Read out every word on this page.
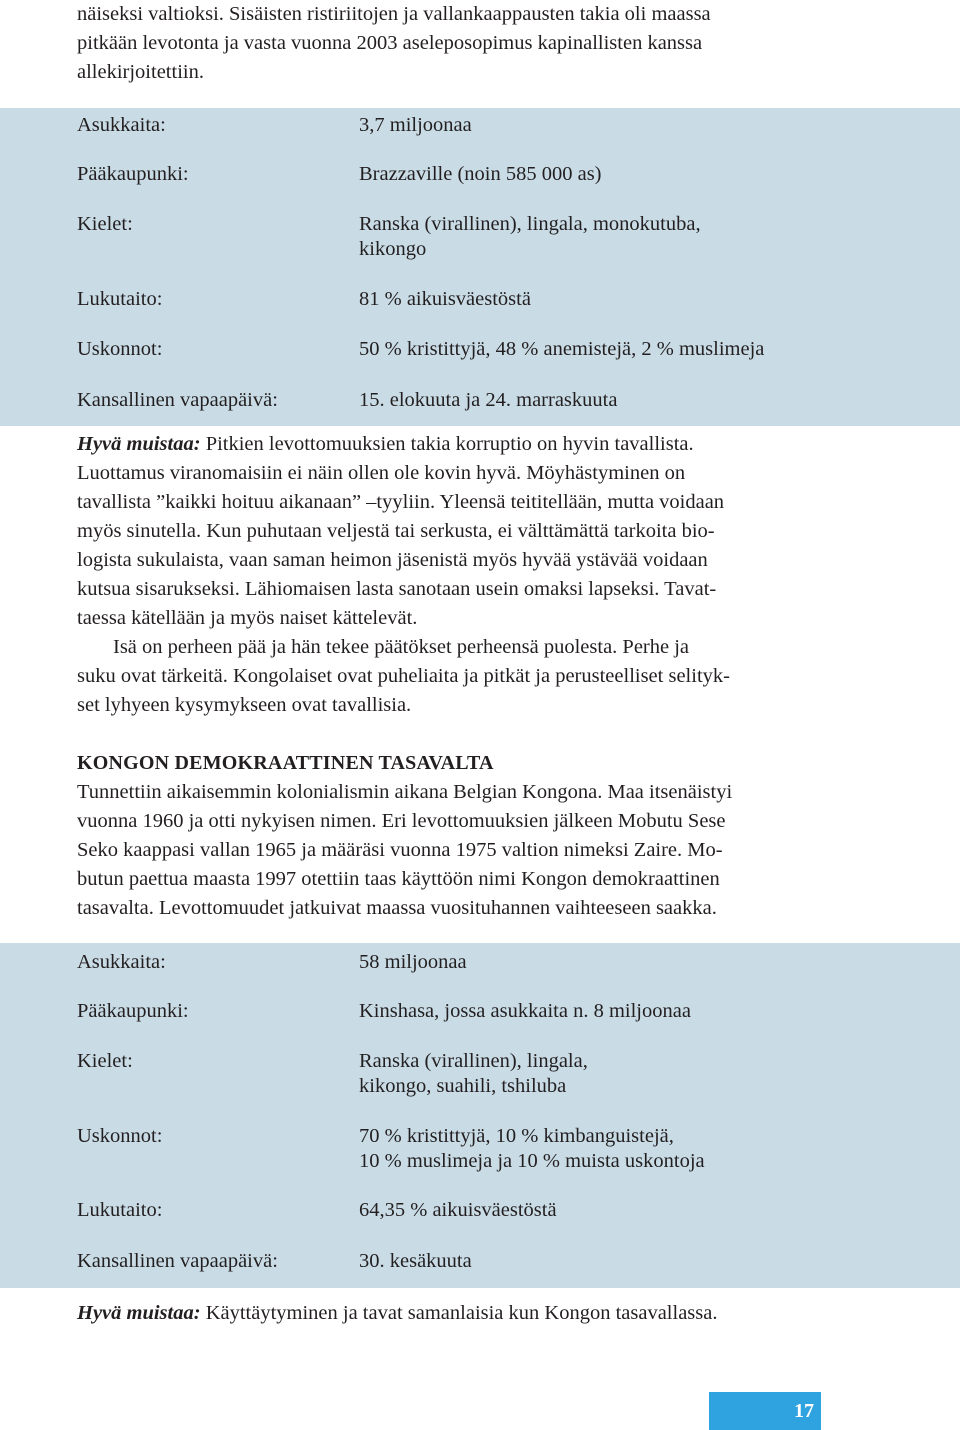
näiseksi valtioksi. Sisäisten ristiriitojen ja vallankaappausten takia oli maassa
pitkään levotonta ja vasta vuonna 2003 aseleposopimus kapinallisten kanssa
allekirjoitettiin.
Asukkaita:	3,7 miljoonaa
Pääkaupunki:	Brazzaville (noin 585 000 as)
Kielet:	Ranska (virallinen), lingala, monokutuba,
kikongo
Lukutaito:	81 % aikuisväestöstä
Uskonnot:	50 % kristittyjä, 48 % anemistejä, 2 % muslimeja
Kansallinen vapaapäivä:	15. elokuuta ja 24. marraskuuta
Hyvä muistaa: Pitkien levottomuuksien takia korruptio on hyvin tavallista.
Luottamus viranomaisiin ei näin ollen ole kovin hyvä. Möyhästyminen on
tavallista ”kaikki hoituu aikanaan” –tyyliin. Yleensä teititellään, mutta voidaan
myös sinutella. Kun puhutaan veljestä tai serkusta, ei välttämättä tarkoita bio-
logista sukulaista, vaan saman heimon jäsenistä myös hyvää ystävää voidaan
kutsua sisarukseksi. Lähiomaisen lasta sanotaan usein omaksi lapseksi. Tavat-
taessa kätellään ja myös naiset kättelevät.
Isä on perheen pää ja hän tekee päätökset perheensä puolesta. Perhe ja
suku ovat tärkeitä. Kongolaiset ovat puheliaita ja pitkät ja perusteelliset selityk-
set lyhyeen kysymykseen ovat tavallisia.
KONGON DEMOKRAATTINEN TASAVALTA
Tunnettiin aikaisemmin kolonialismin aikana Belgian Kongona. Maa itsenäistyi
vuonna 1960 ja otti nykyisen nimen. Eri levottomuuksien jälkeen Mobutu Sese
Seko kaappasi vallan 1965 ja määräsi vuonna 1975 valtion nimeksi Zaire. Mo-
butun paettua maasta 1997 otettiin taas käyttöön nimi Kongon demokraattinen
tasavalta. Levottomuudet jatkuivat maassa vuosituhannen vaihteeseen saakka.
Asukkaita:	58 miljoonaa
Pääkaupunki:	Kinshasa, jossa asukkaita n. 8 miljoonaa
Kielet:	Ranska (virallinen), lingala,
kikongo, suahili, tshiluba
Uskonnot:	70 % kristittyjä, 10 % kimbanguistejä,
10 % muslimeja ja 10 % muista uskontoja
Lukutaito:	64,35 % aikuisväestöstä
Kansallinen vapaapäivä:	30. kesäkuuta
Hyvä muistaa: Käyttäytyminen ja tavat samanlaisia kun Kongon tasavallassa.
17
